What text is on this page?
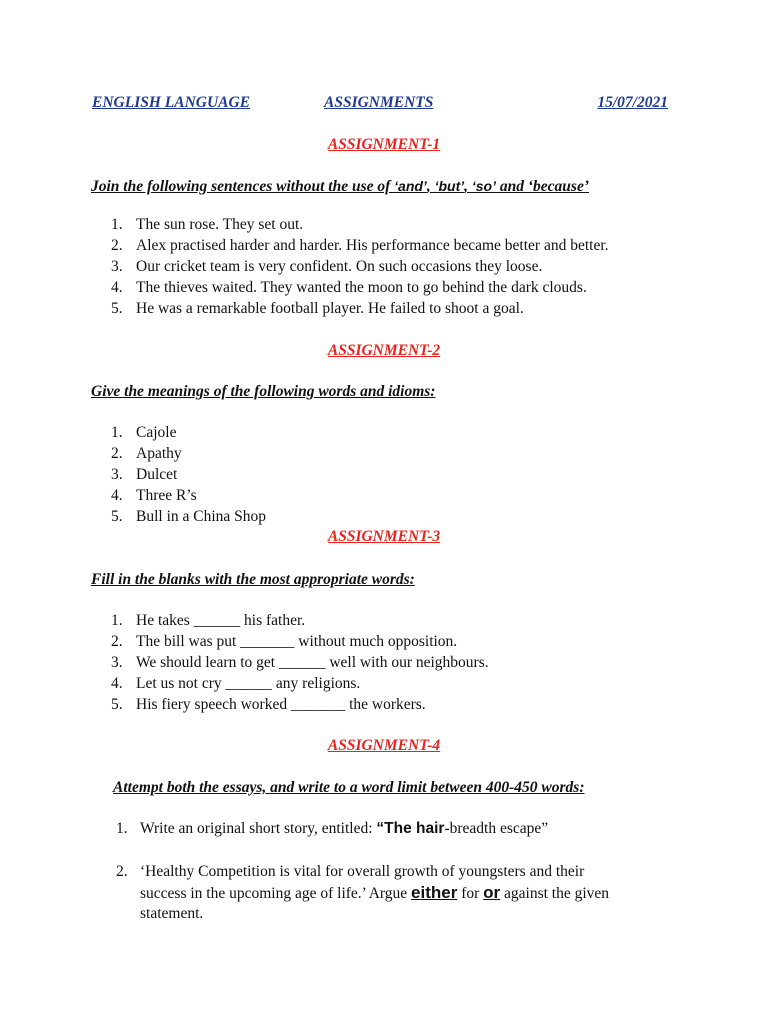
ENGLISH LANGUAGE	ASSIGNMENTS	15/07/2021
ASSIGNMENT-1
Join the following sentences without the use of ‘and’, ‘but’, ‘so’ and ‘because’
1. The sun rose. They set out.
2. Alex practised harder and harder. His performance became better and better.
3. Our cricket team is very confident. On such occasions they loose.
4. The thieves waited. They wanted the moon to go behind the dark clouds.
5. He was a remarkable football player. He failed to shoot a goal.
ASSIGNMENT-2
Give the meanings of the following words and idioms:
1. Cajole
2. Apathy
3. Dulcet
4. Three R’s
5. Bull in a China Shop
ASSIGNMENT-3
Fill in the blanks with the most appropriate words:
1. He takes ______ his father.
2. The bill was put _______ without much opposition.
3. We should learn to get ______ well with our neighbours.
4. Let us not cry ______ any religions.
5. His fiery speech worked _______ the workers.
ASSIGNMENT-4
Attempt both the essays, and write to a word limit between 400-450 words:
1. Write an original short story, entitled: “The hair-breadth escape”
2. ‘Healthy Competition is vital for overall growth of youngsters and their
success in the upcoming age of life.’ Argue either for or against the given
statement.
